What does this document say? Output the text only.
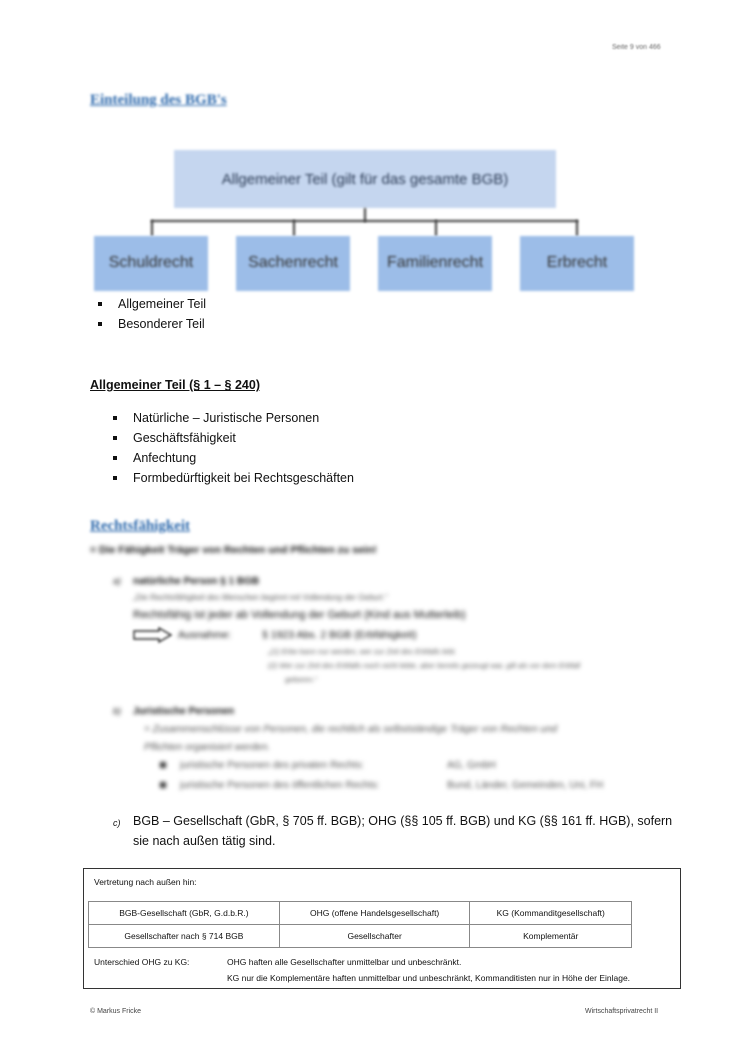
Seite 9 von 466
Einteilung des BGB's
Allgemeiner Teil (gilt für das gesamte BGB)
Schuldrecht	Sachenrecht	Familienrecht	Erbrecht
Allgemeiner Teil
Besonderer Teil
Allgemeiner Teil (§ 1 – § 240)
Natürliche – Juristische Personen
Geschäftsfähigkeit
Anfechtung
Formbedürftigkeit bei Rechtsgeschäften
Rechtsfähigkeit
= Die Fähigkeit Träger von Rechten und Pflichten zu sein!
a) natürliche Person § 1 BGB
„Die Rechtsfähigkeit des Menschen beginnt mit Vollendung der Geburt.“
Rechtsfähig ist jeder ab Vollendung der Geburt (Kind aus Mutterleib)
Ausnahme:	§ 1923 Abs. 2 BGB (Erbfähigkeit)
„(1) Erbe kann nur werden, wer zur Zeit des Erbfalls lebt.
(2) Wer zur Zeit des Erbfalls noch nicht lebte, aber bereits gezeugt war, gilt als vor dem Erbfall
geboren.“
b) Juristische Personen
= Zusammenschlüsse von Personen, die rechtlich als selbstständige Träger von Rechten und
Pflichten organisiert werden.
juristische Personen des privaten Rechts:	AG, GmbH
juristische Personen des öffentlichen Rechts:	Bund, Länder, Gemeinden, Uni, FH
c) BGB – Gesellschaft (GbR, § 705 ff. BGB); OHG (§§ 105 ff. BGB) und KG (§§ 161 ff. HGB), sofern
sie nach außen tätig sind.
Vertretung nach außen hin:
BGB-Gesellschaft (GbR, G.d.b.R.)	OHG (offene Handelsgesellschaft)	KG (Kommanditgesellschaft)
Gesellschafter nach § 714 BGB	Gesellschafter	Komplementär
Unterschied OHG zu KG:	OHG haften alle Gesellschafter unmittelbar und unbeschränkt.
KG nur die Komplementäre haften unmittelbar und unbeschränkt, Kommanditisten nur in Höhe der Einlage.
© Markus Fricke	Wirtschaftsprivatrecht II
